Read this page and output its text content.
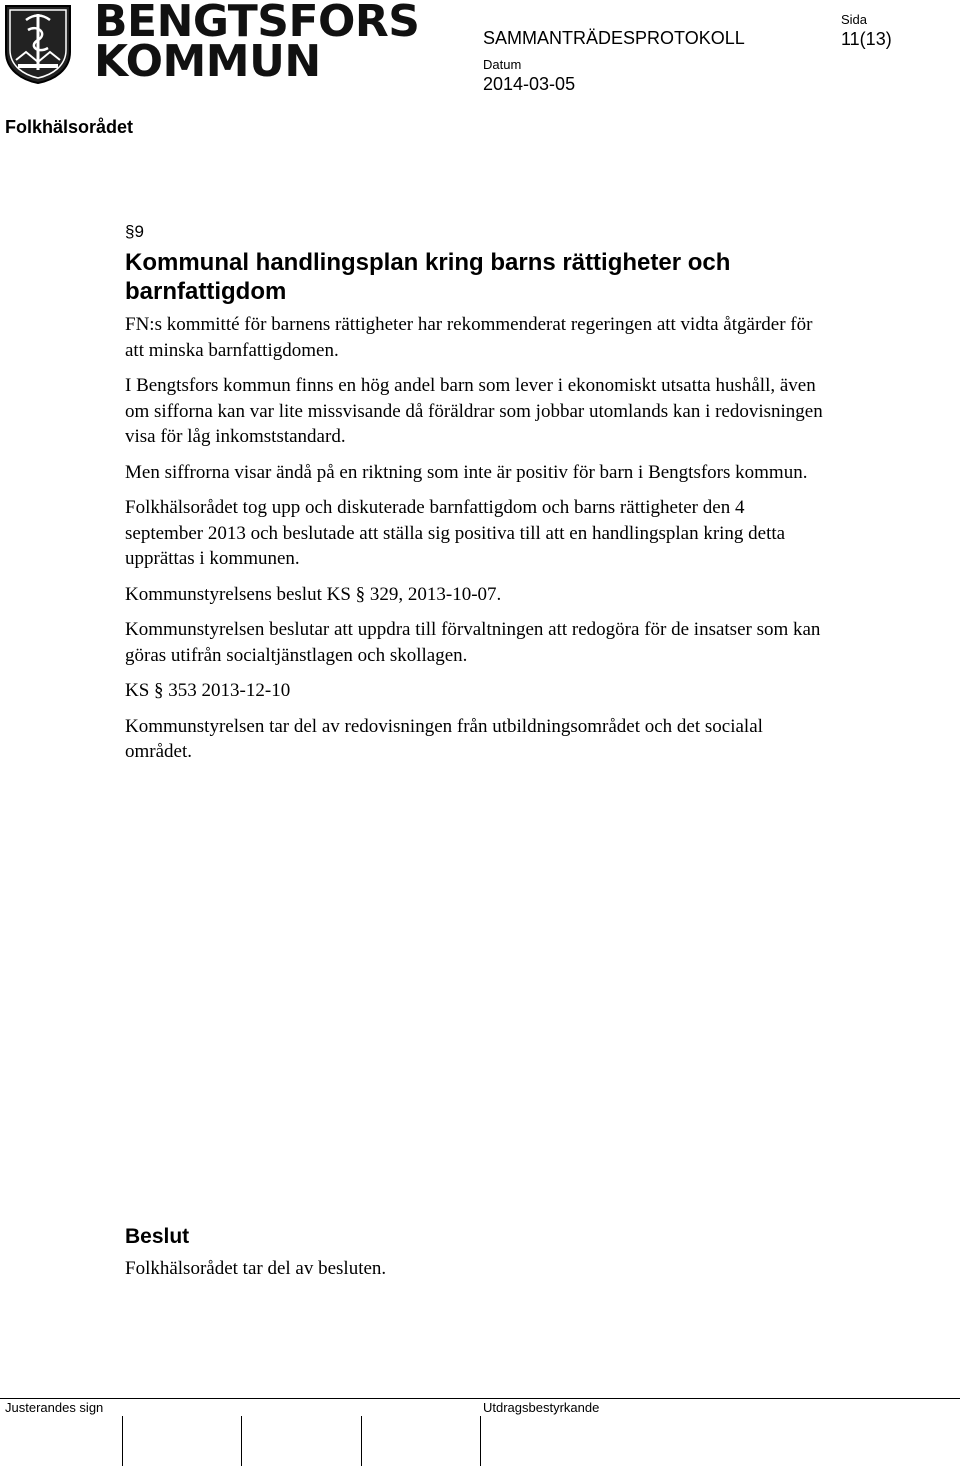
BENGTSFORS
KOMMUN	SAMMANTRÄDESPROTOKOLL
Sida
11(13)
Datum
2014-03-05
Folkhälsorådet

§9

Kommunal handlingsplan kring barns rättigheter och barnfattigdom

FN:s kommitté för barnens rättigheter har rekommenderat regeringen att vidta åtgärder för att minska barnfattigdomen.

I Bengtsfors kommun finns en hög andel barn som lever i ekonomiskt utsatta hushåll, även om sifforna kan var lite missvisande då föräldrar som jobbar utomlands kan i redovisningen visa för låg inkomststandard.

Men siffrorna visar ändå på en riktning som inte är positiv för barn i Bengtsfors kommun.

Folkhälsorådet tog upp och diskuterade barnfattigdom och barns rättigheter den 4 september 2013 och beslutade att ställa sig positiva till att en handlingsplan kring detta upprättas i kommunen.

Kommunstyrelsens beslut KS § 329, 2013-10-07.

Kommunstyrelsen beslutar att uppdra till förvaltningen att redogöra för de insatser som kan göras utifrån socialtjänstlagen och skollagen.

KS § 353 2013-12-10

Kommunstyrelsen tar del av redovisningen från utbildningsområdet och det socialal området.

Beslut
Folkhälsorådet tar del av besluten.
Justerandes sign	Utdragsbestyrkande
